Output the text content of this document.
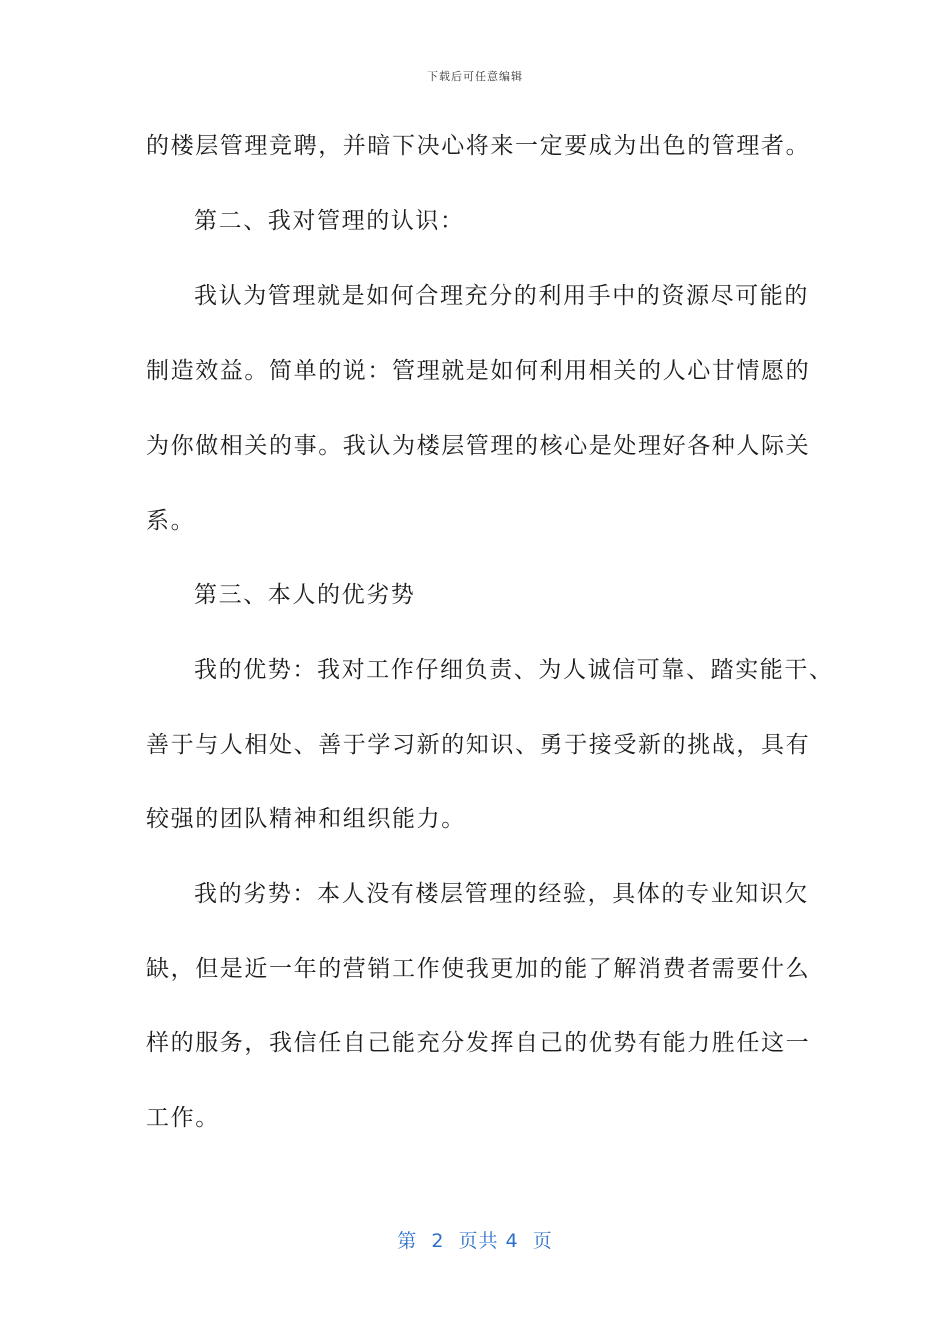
下载后可任意编辑
的楼层管理竞聘，并暗下决心将来一定要成为出色的管理者。
第二、我对管理的认识：
我认为管理就是如何合理充分的利用手中的资源尽可能的
制造效益。简单的说：管理就是如何利用相关的人心甘情愿的
为你做相关的事。我认为楼层管理的核心是处理好各种人际关
系。
第三、本人的优劣势
我的优势：我对工作仔细负责、为人诚信可靠、踏实能干、
善于与人相处、善于学习新的知识、勇于接受新的挑战，具有
较强的团队精神和组织能力。
我的劣势：本人没有楼层管理的经验，具体的专业知识欠
缺，但是近一年的营销工作使我更加的能了解消费者需要什么
样的服务，我信任自己能充分发挥自己的优势有能力胜任这一
工作。
第  2  页共 4  页
